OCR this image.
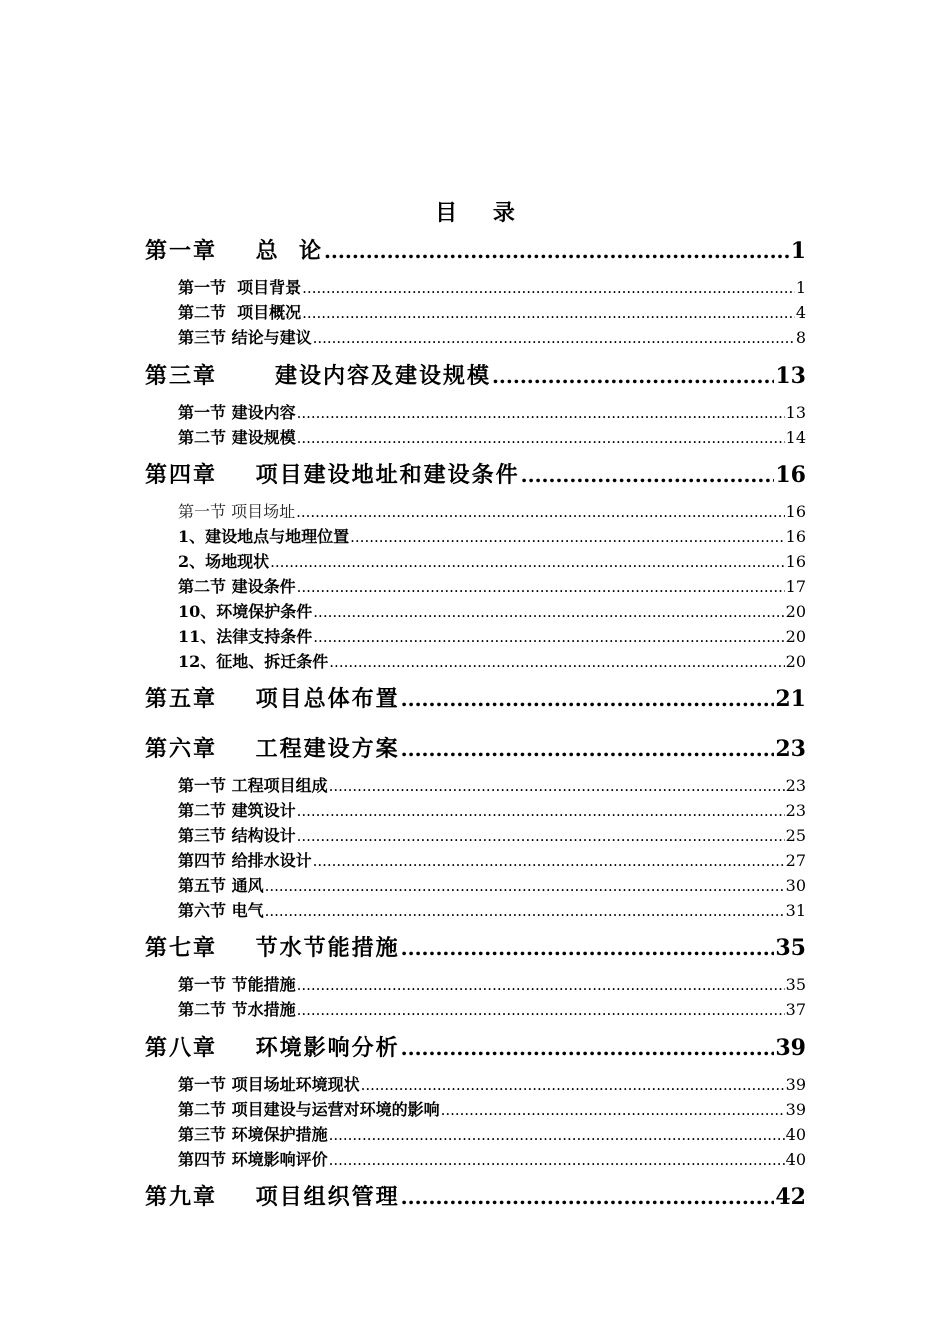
目 录
第一章    总  论 .....	1
第一节  项目背景 .....	1
第二节  项目概况 .....	4
第三节 结论与建议 .....	8
第三章      建设内容及建设规模 .....	13
第一节 建设内容 .....	13
第二节 建设规模 .....	14
第四章    项目建设地址和建设条件 .....	16
第一节 项目场址 .....	16
1、建设地点与地理位置 .....	16
2、场地现状 .....	16
第二节 建设条件 .....	17
10、环境保护条件 .....	20
11、法律支持条件 .....	20
12、征地、拆迁条件 .....	20
第五章    项目总体布置 .....	21
第六章    工程建设方案 .....	23
第一节 工程项目组成 .....	23
第二节 建筑设计 .....	23
第三节 结构设计 .....	25
第四节 给排水设计 .....	27
第五节 通风 .....	30
第六节 电气 .....	31
第七章    节水节能措施 .....	35
第一节 节能措施 .....	35
第二节 节水措施 .....	37
第八章    环境影响分析 .....	39
第一节 项目场址环境现状 .....	39
第二节 项目建设与运营对环境的影响 .....	39
第三节 环境保护措施 .....	40
第四节 环境影响评价 .....	40
第九章    项目组织管理 .....	42
